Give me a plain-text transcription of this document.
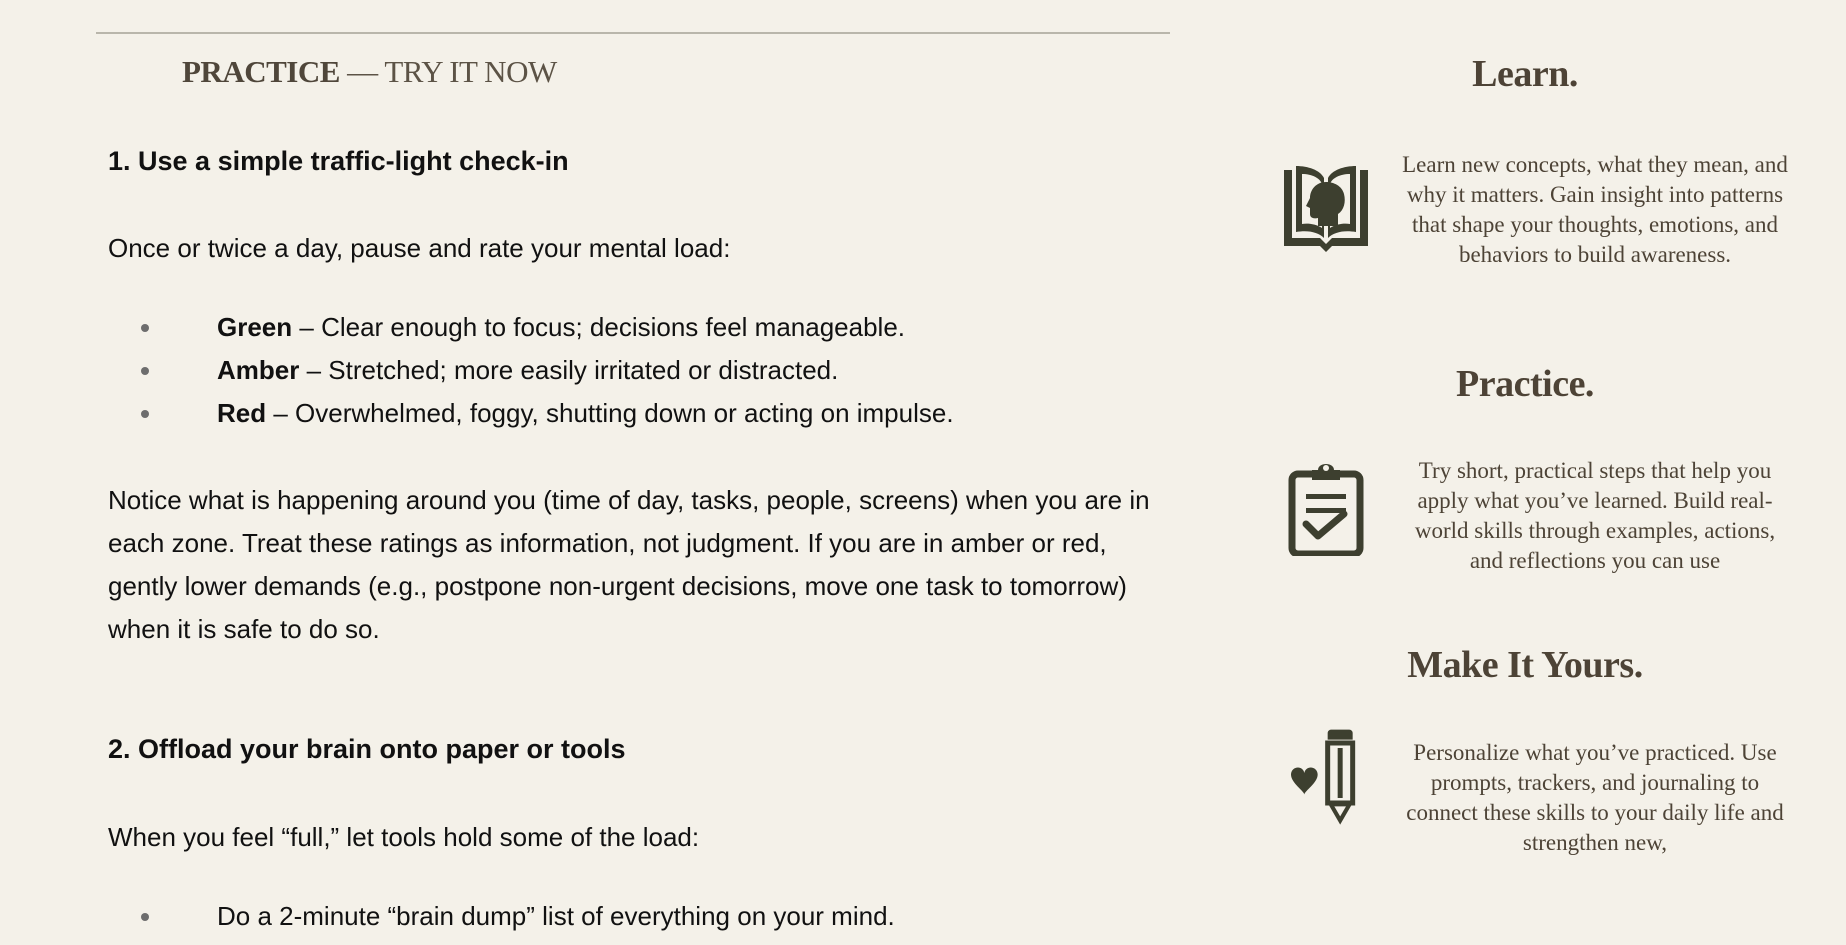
PRACTICE — TRY IT NOW
1. Use a simple traffic-light check-in
Once or twice a day, pause and rate your mental load:
Green – Clear enough to focus; decisions feel manageable.
Amber – Stretched; more easily irritated or distracted.
Red – Overwhelmed, foggy, shutting down or acting on impulse.
Notice what is happening around you (time of day, tasks, people, screens) when you are in each zone. Treat these ratings as information, not judgment. If you are in amber or red, gently lower demands (e.g., postpone non-urgent decisions, move one task to tomorrow) when it is safe to do so.
2. Offload your brain onto paper or tools
When you feel “full,” let tools hold some of the load:
Do a 2-minute “brain dump” list of everything on your mind.
Learn.
Learn new concepts, what they mean, and why it matters. Gain insight into patterns that shape your thoughts, emotions, and behaviors to build awareness.
Practice.
Try short, practical steps that help you apply what you’ve learned. Build real-world skills through examples, actions, and reflections you can use
Make It Yours.
Personalize what you’ve practiced. Use prompts, trackers, and journaling to connect these skills to your daily life and strengthen new,
